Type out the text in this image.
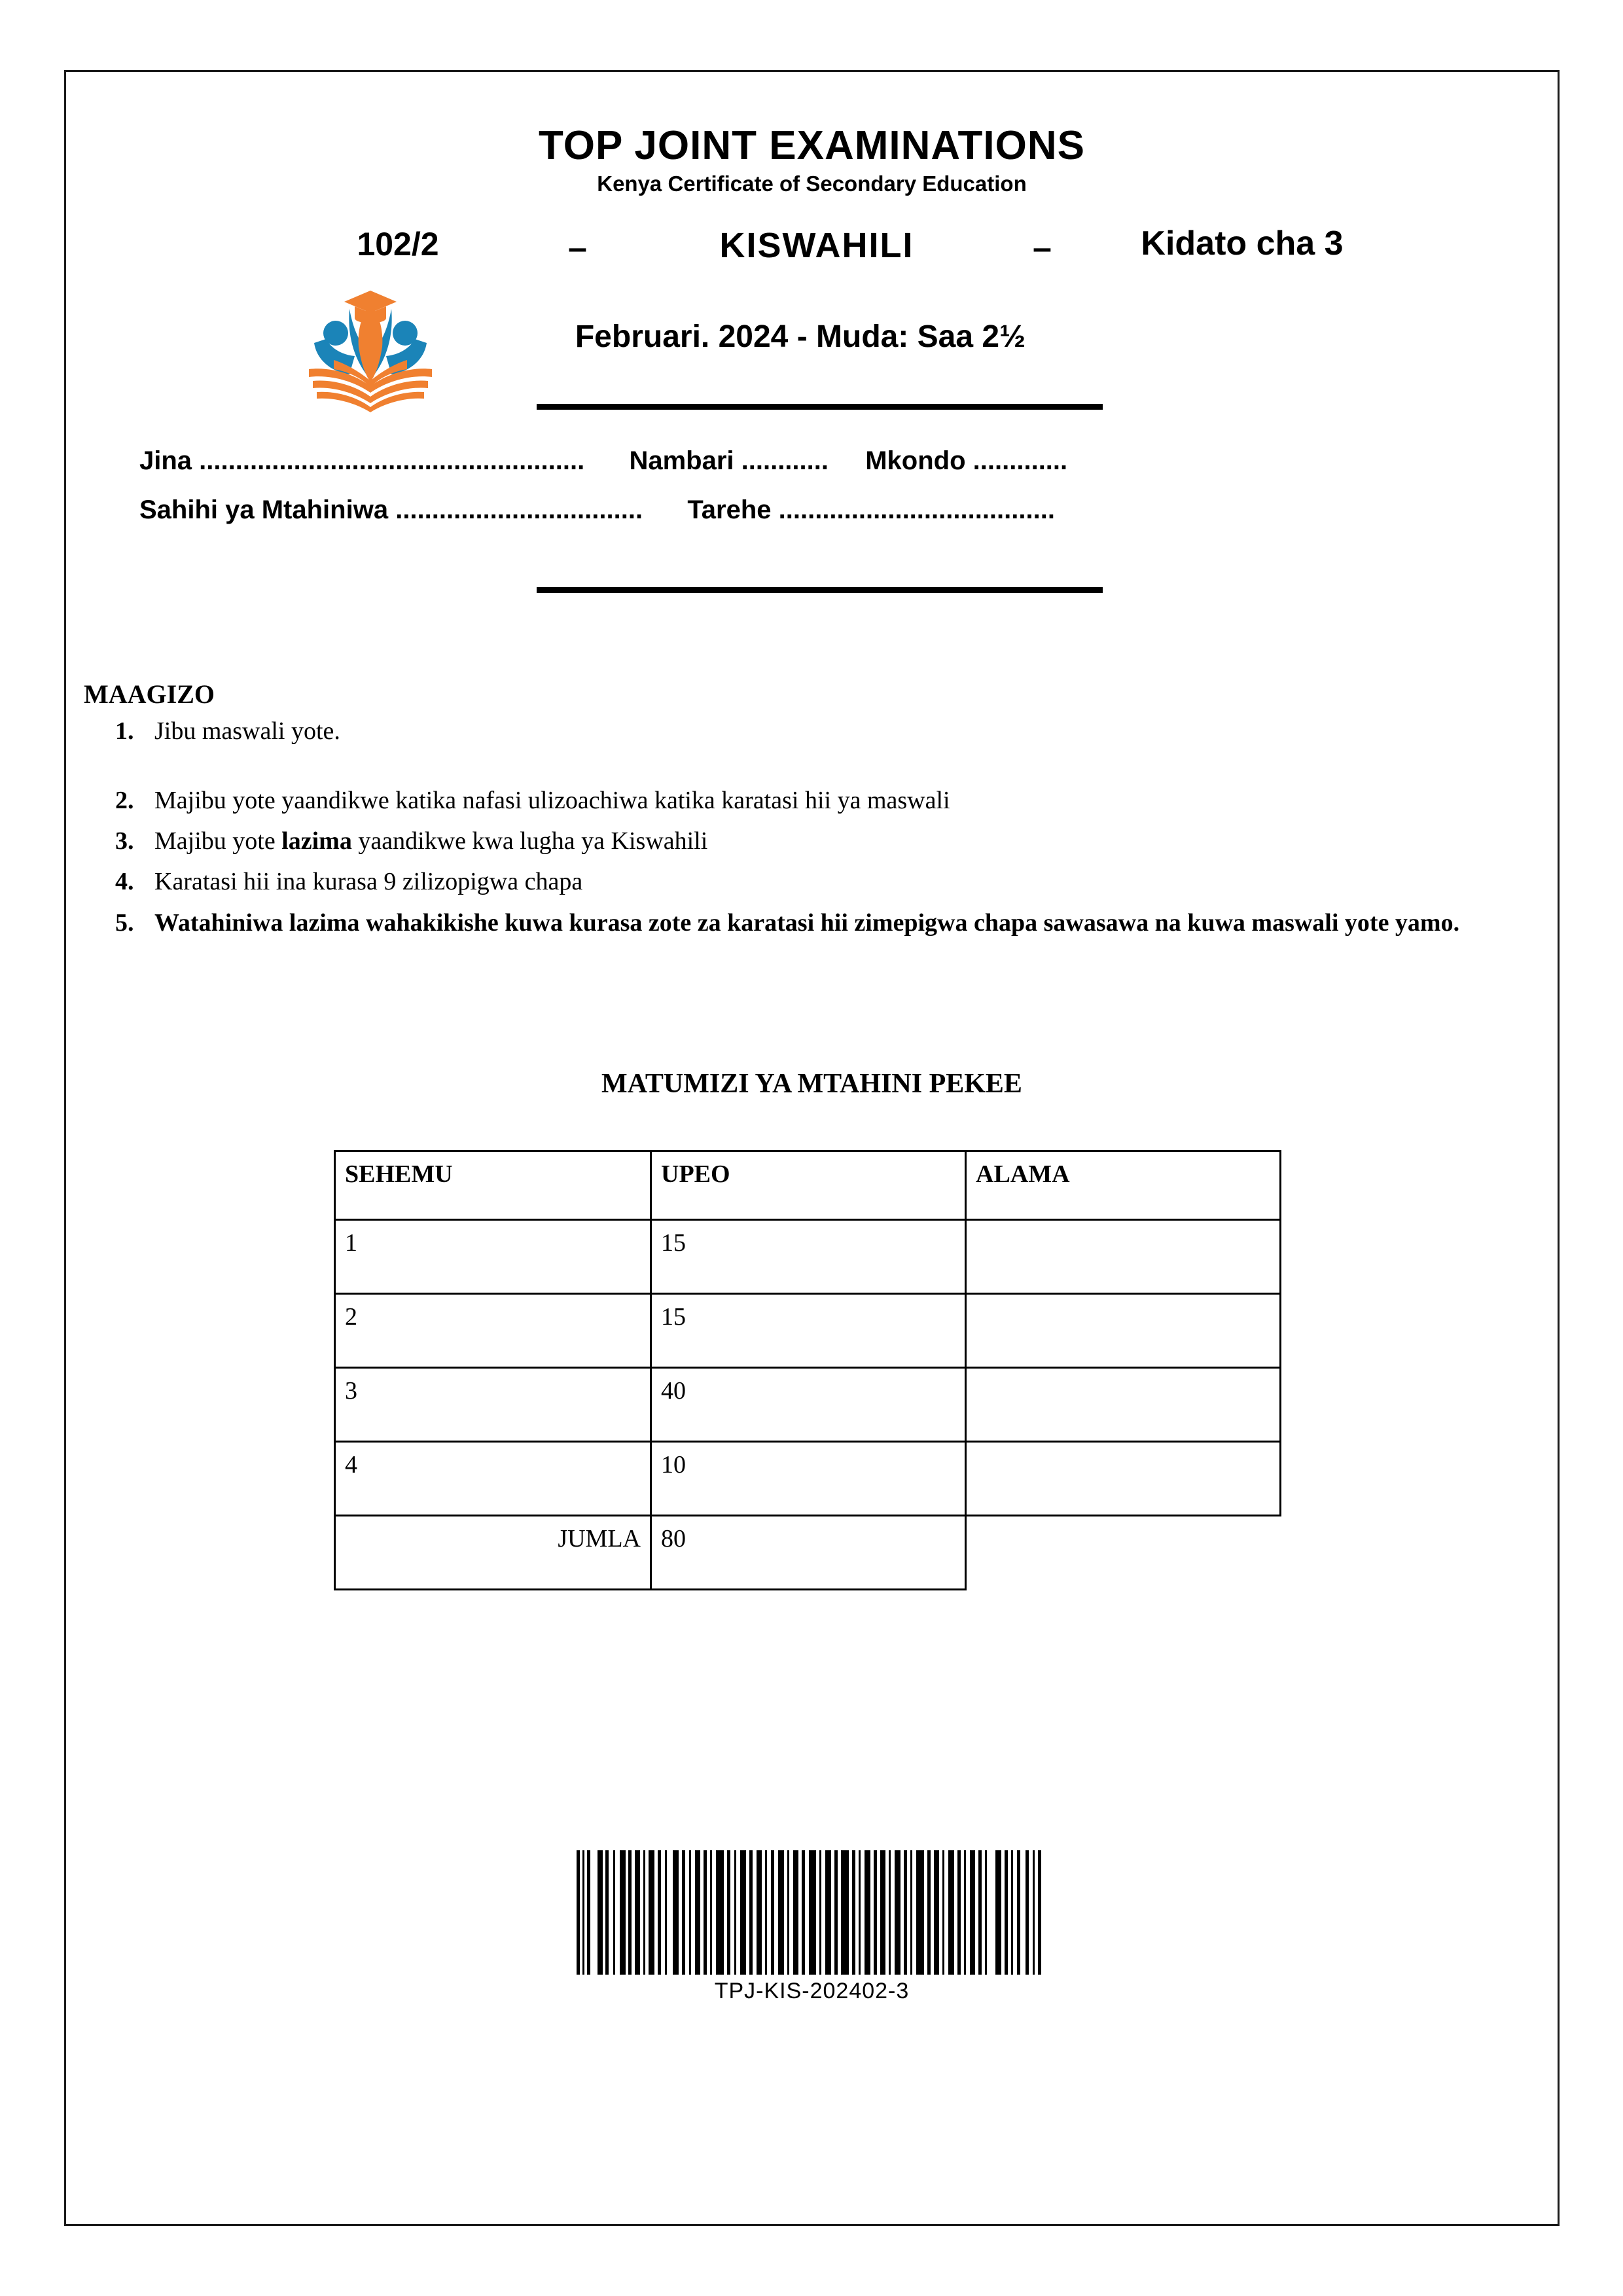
TOP JOINT EXAMINATIONS
Kenya Certificate of Secondary Education
102/2	–	KISWAHILI	–	Kidato cha 3
Februari. 2024 - Muda: Saa 2½
Jina ..................................................... Nambari ............ Mkondo .............
Sahihi ya Mtahiniwa .................................. Tarehe ......................................
MAAGIZO
1. Jibu maswali yote.
2. Majibu yote yaandikwe katika nafasi ulizoachiwa katika karatasi hii ya maswali
3. Majibu yote lazima yaandikwe kwa lugha ya Kiswahili
4. Karatasi hii ina kurasa 9 zilizopigwa chapa
5. Watahiniwa lazima wahakikishe kuwa kurasa zote za karatasi hii zimepigwa chapa sawasawa na kuwa maswali yote yamo.
MATUMIZI YA MTAHINI PEKEE
SEHEMU	UPEO	ALAMA
1	15	
2	15	
3	40	
4	10	
JUMLA	80	
TPJ-KIS-202402-3
